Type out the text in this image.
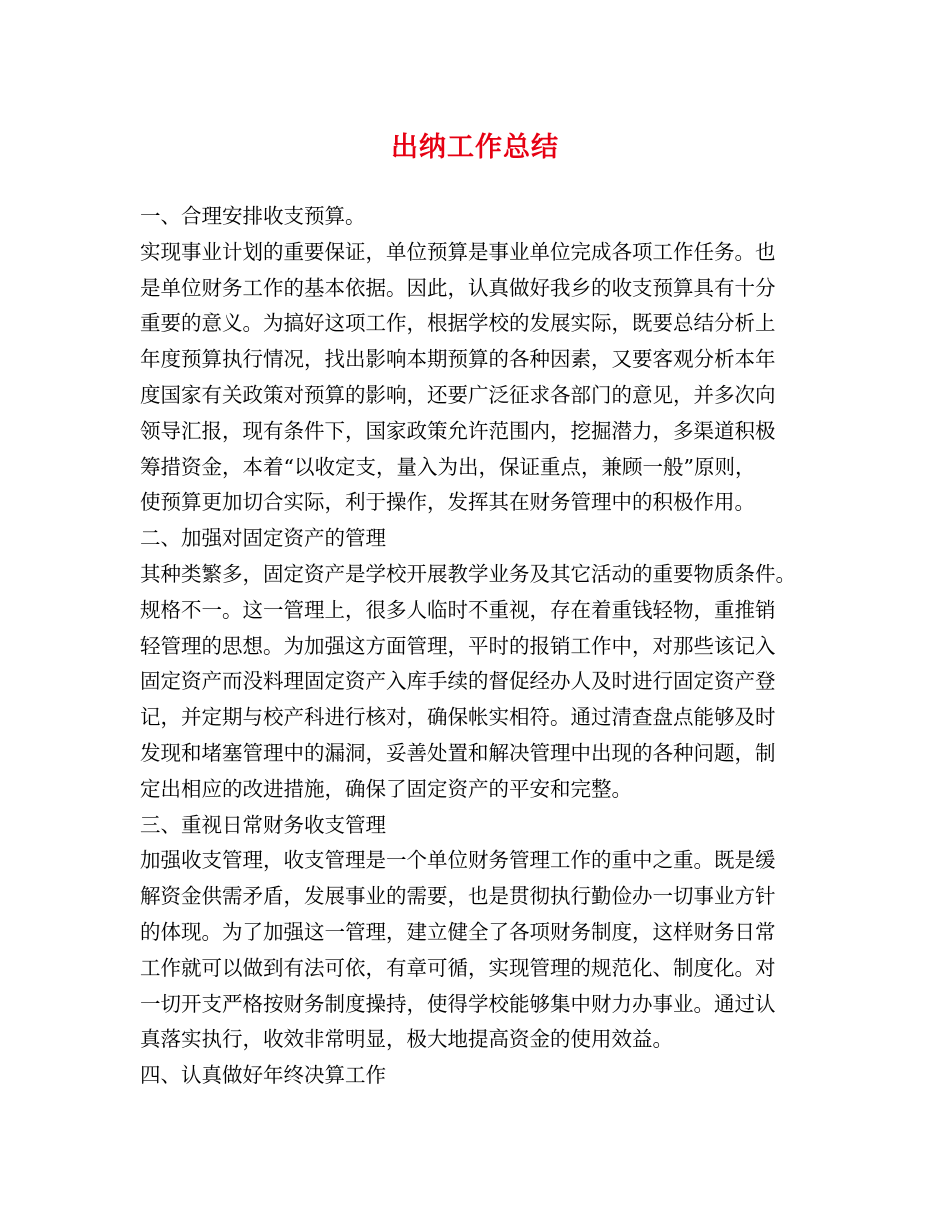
出纳工作总结
一、合理安排收支预算。
实现事业计划的重要保证，单位预算是事业单位完成各项工作任务。也
是单位财务工作的基本依据。因此，认真做好我乡的收支预算具有十分
重要的意义。为搞好这项工作，根据学校的发展实际，既要总结分析上
年度预算执行情况，找出影响本期预算的各种因素，又要客观分析本年
度国家有关政策对预算的影响，还要广泛征求各部门的意见，并多次向
领导汇报，现有条件下，国家政策允许范围内，挖掘潜力，多渠道积极
筹措资金，本着“以收定支，量入为出，保证重点，兼顾一般”原则，
使预算更加切合实际，利于操作，发挥其在财务管理中的积极作用。
二、加强对固定资产的管理
其种类繁多，固定资产是学校开展教学业务及其它活动的重要物质条件。
规格不一。这一管理上，很多人临时不重视，存在着重钱轻物，重推销
轻管理的思想。为加强这方面管理，平时的报销工作中，对那些该记入
固定资产而没料理固定资产入库手续的督促经办人及时进行固定资产登
记，并定期与校产科进行核对，确保帐实相符。通过清查盘点能够及时
发现和堵塞管理中的漏洞，妥善处置和解决管理中出现的各种问题，制
定出相应的改进措施，确保了固定资产的平安和完整。
三、重视日常财务收支管理
加强收支管理，收支管理是一个单位财务管理工作的重中之重。既是缓
解资金供需矛盾，发展事业的需要，也是贯彻执行勤俭办一切事业方针
的体现。为了加强这一管理，建立健全了各项财务制度，这样财务日常
工作就可以做到有法可依，有章可循，实现管理的规范化、制度化。对
一切开支严格按财务制度操持，使得学校能够集中财力办事业。通过认
真落实执行，收效非常明显，极大地提高资金的使用效益。
四、认真做好年终决算工作
